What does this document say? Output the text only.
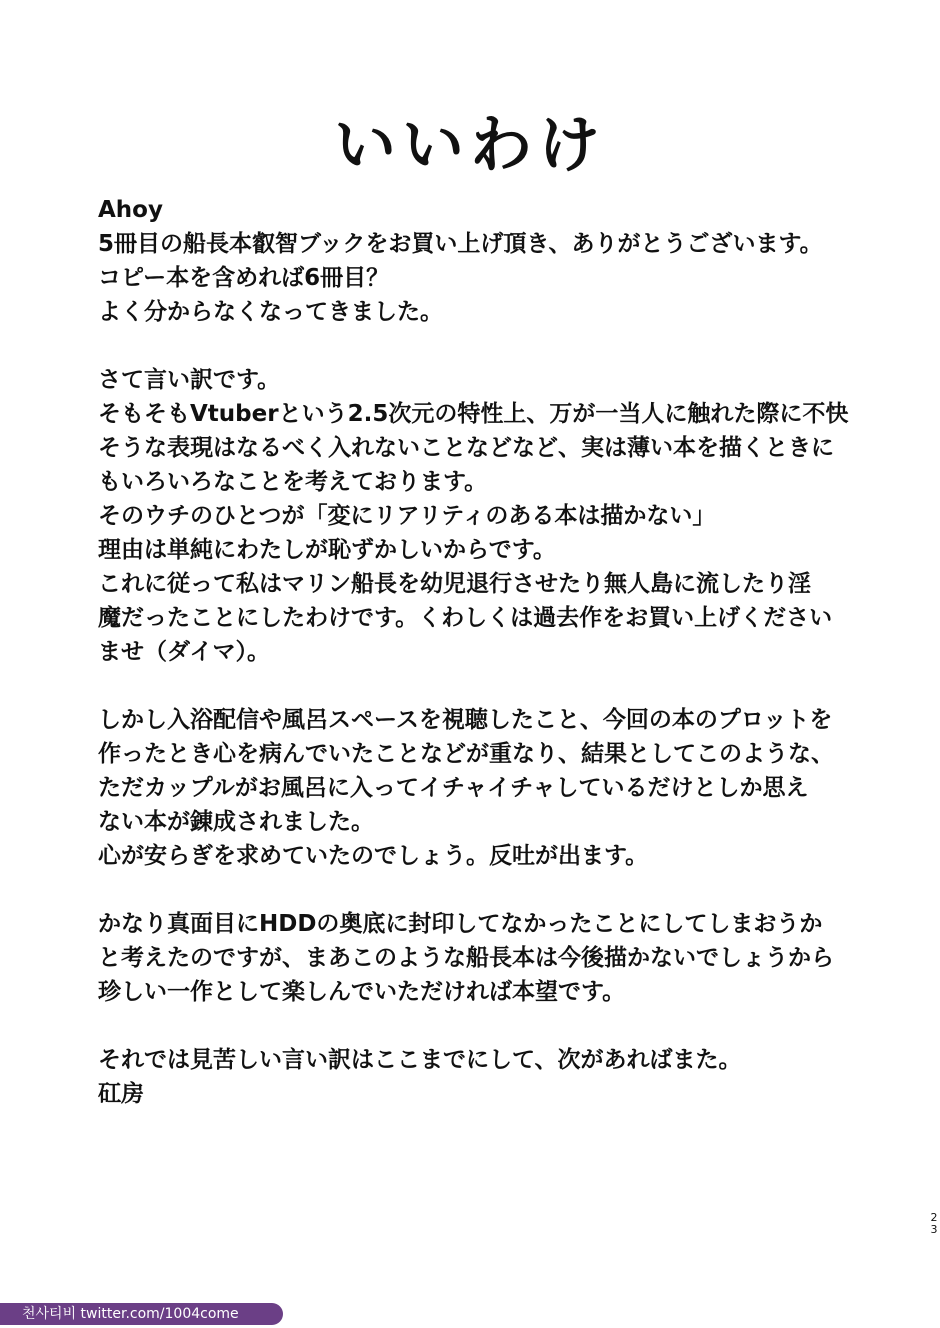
いいわけ
Ahoy
5冊目の船長本叡智ブックをお買い上げ頂き、ありがとうございます。
コピー本を含めれば6冊目？
よく分からなくなってきました。
さて言い訳です。
そもそもVtuberという2.5次元の特性上、万が一当人に触れた際に不快
そうな表現はなるべく入れないことなどなど、実は薄い本を描くときに
もいろいろなことを考えております。
そのウチのひとつが「変にリアリティのある本は描かない」
理由は単純にわたしが恥ずかしいからです。
これに従って私はマリン船長を幼児退行させたり無人島に流したり淫
魔だったことにしたわけです。くわしくは過去作をお買い上げください
ませ（ダイマ）。
しかし入浴配信や風呂スペースを視聴したこと、今回の本のプロットを
作ったとき心を病んでいたことなどが重なり、結果としてこのような、
ただカップルがお風呂に入ってイチャイチャしているだけとしか思え
ない本が錬成されました。
心が安らぎを求めていたのでしょう。反吐が出ます。
かなり真面目にHDDの奥底に封印してなかったことにしてしまおうか
と考えたのですが、まあこのような船長本は今後描かないでしょうから
珍しい一作として楽しんでいただければ本望です。
それでは見苦しい言い訳はここまでにして、次があればまた。
矼房
2
3
천사티비 twitter.com/1004come
